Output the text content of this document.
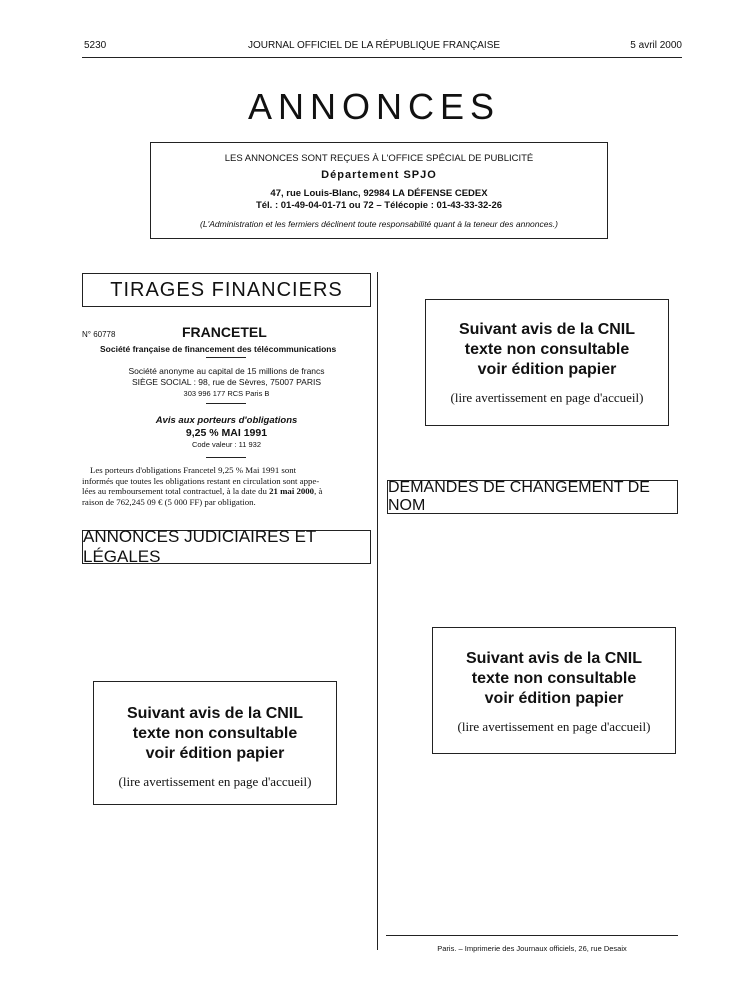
5230	JOURNAL OFFICIEL DE LA RÉPUBLIQUE FRANÇAISE	5 avril 2000
ANNONCES
LES ANNONCES SONT REÇUES À L'OFFICE SPÉCIAL DE PUBLICITÉ
Département SPJO
47, rue Louis-Blanc, 92984 LA DÉFENSE CEDEX
Tél. : 01-49-04-01-71 ou 72 – Télécopie : 01-43-33-32-26
(L'Administration et les fermiers déclinent toute responsabilité quant à la teneur des annonces.)
TIRAGES FINANCIERS
N° 60778	FRANCETEL
Société française de financement des télécommunications
Société anonyme au capital de 15 millions de francs
SIÈGE SOCIAL : 98, rue de Sèvres, 75007 PARIS
303 996 177 RCS Paris B
Avis aux porteurs d'obligations
9,25 % MAI 1991
Code valeur : 11 932
Les porteurs d'obligations Francetel 9,25 % Mai 1991 sont
informés que toutes les obligations restant en circulation sont appe-
lées au remboursement total contractuel, à la date du 21 mai 2000, à
raison de 762,245 09 € (5 000 FF) par obligation.
ANNONCES JUDICIAIRES ET LÉGALES
Suivant avis de la CNIL
texte non consultable
voir édition papier
(lire avertissement en page d'accueil)
Suivant avis de la CNIL
texte non consultable
voir édition papier
(lire avertissement en page d'accueil)
DEMANDES DE CHANGEMENT DE NOM
Suivant avis de la CNIL
texte non consultable
voir édition papier
(lire avertissement en page d'accueil)
Paris. – Imprimerie des Journaux officiels, 26, rue Desaix
